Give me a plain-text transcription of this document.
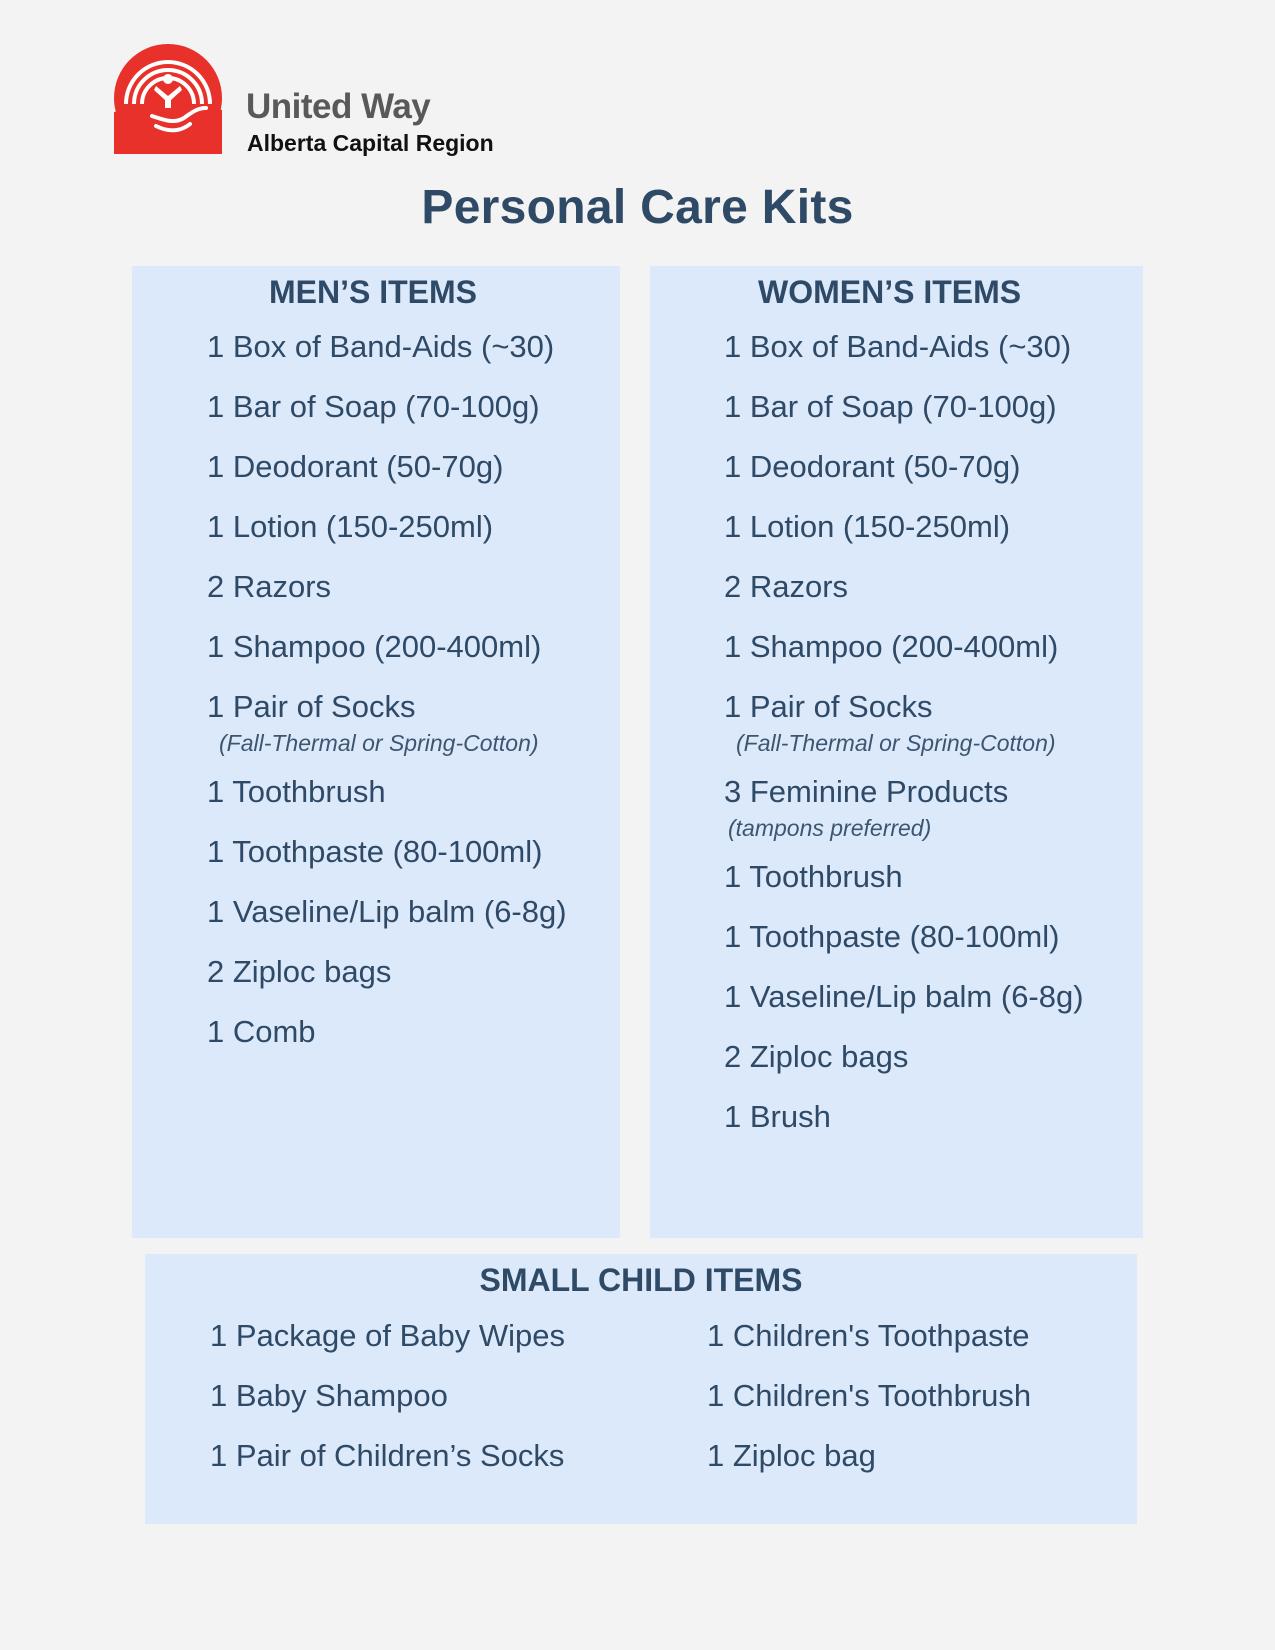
®
United Way
Alberta Capital Region
Personal Care Kits
MEN’S ITEMS
1 Box of Band-Aids (~30)
1 Bar of Soap (70-100g)
1 Deodorant (50-70g)
1 Lotion (150-250ml)
2 Razors
1 Shampoo (200-400ml)
1 Pair of Socks
(Fall-Thermal or Spring-Cotton)
1 Toothbrush
1 Toothpaste (80-100ml)
1 Vaseline/Lip balm (6-8g)
2 Ziploc bags
1 Comb
WOMEN’S ITEMS
1 Box of Band-Aids (~30)
1 Bar of Soap (70-100g)
1 Deodorant (50-70g)
1 Lotion (150-250ml)
2 Razors
1 Shampoo (200-400ml)
1 Pair of Socks
(Fall-Thermal or Spring-Cotton)
3 Feminine Products
(tampons preferred)
1 Toothbrush
1 Toothpaste (80-100ml)
1 Vaseline/Lip balm (6-8g)
2 Ziploc bags
1 Brush
SMALL CHILD ITEMS
1 Package of Baby Wipes
1 Baby Shampoo
1 Pair of Children’s Socks
1 Children's Toothpaste
1 Children's Toothbrush
1 Ziploc bag
